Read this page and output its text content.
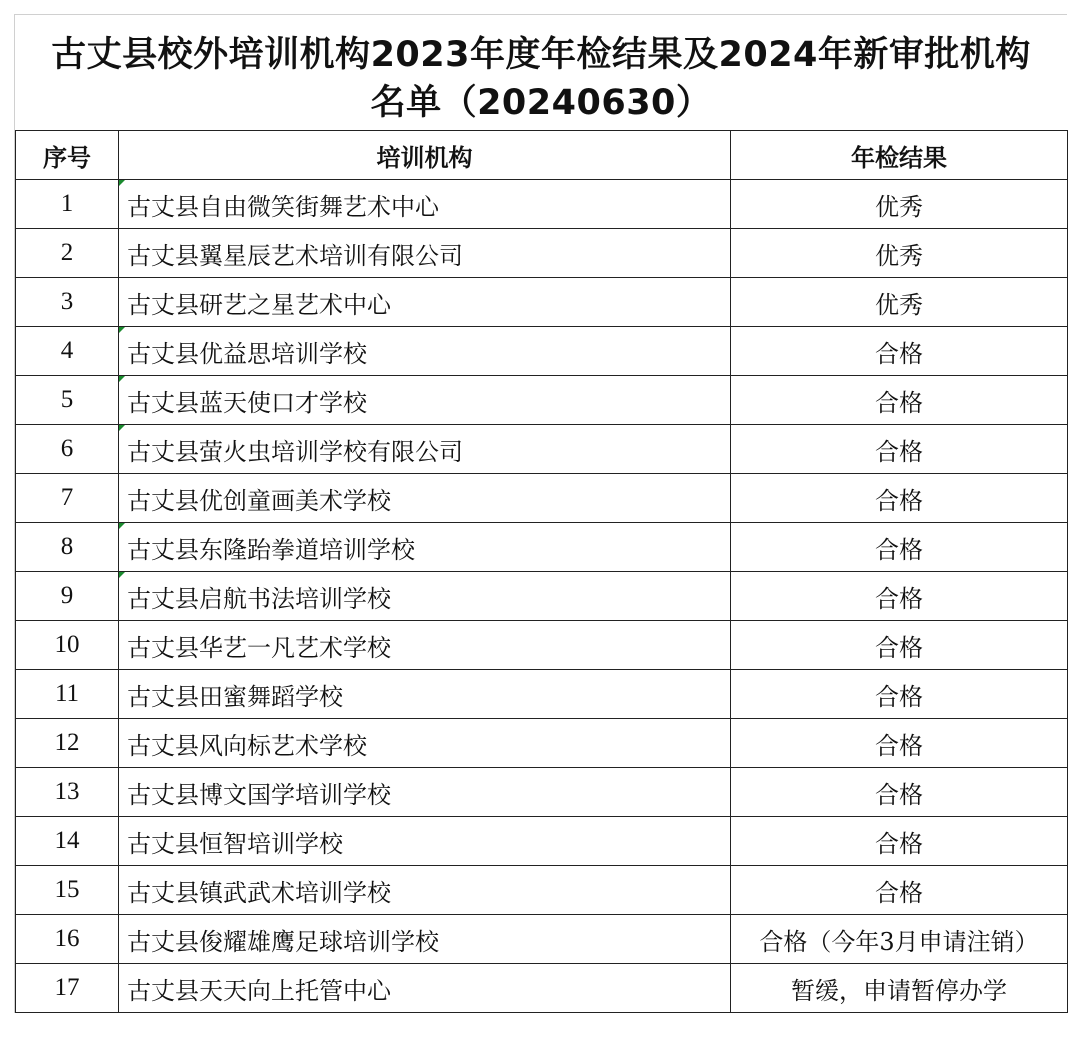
古丈县校外培训机构2023年度年检结果及2024年新审批机构
名单（20240630）
序号	培训机构	年检结果
1	古丈县自由微笑街舞艺术中心	优秀
2	古丈县翼星辰艺术培训有限公司	优秀
3	古丈县研艺之星艺术中心	优秀
4	古丈县优益思培训学校	合格
5	古丈县蓝天使口才学校	合格
6	古丈县萤火虫培训学校有限公司	合格
7	古丈县优创童画美术学校	合格
8	古丈县东隆跆拳道培训学校	合格
9	古丈县启航书法培训学校	合格
10	古丈县华艺一凡艺术学校	合格
11	古丈县田蜜舞蹈学校	合格
12	古丈县风向标艺术学校	合格
13	古丈县博文国学培训学校	合格
14	古丈县恒智培训学校	合格
15	古丈县镇武武术培训学校	合格
16	古丈县俊耀雄鹰足球培训学校	合格（今年3月申请注销）
17	古丈县天天向上托管中心	暂缓，申请暂停办学
